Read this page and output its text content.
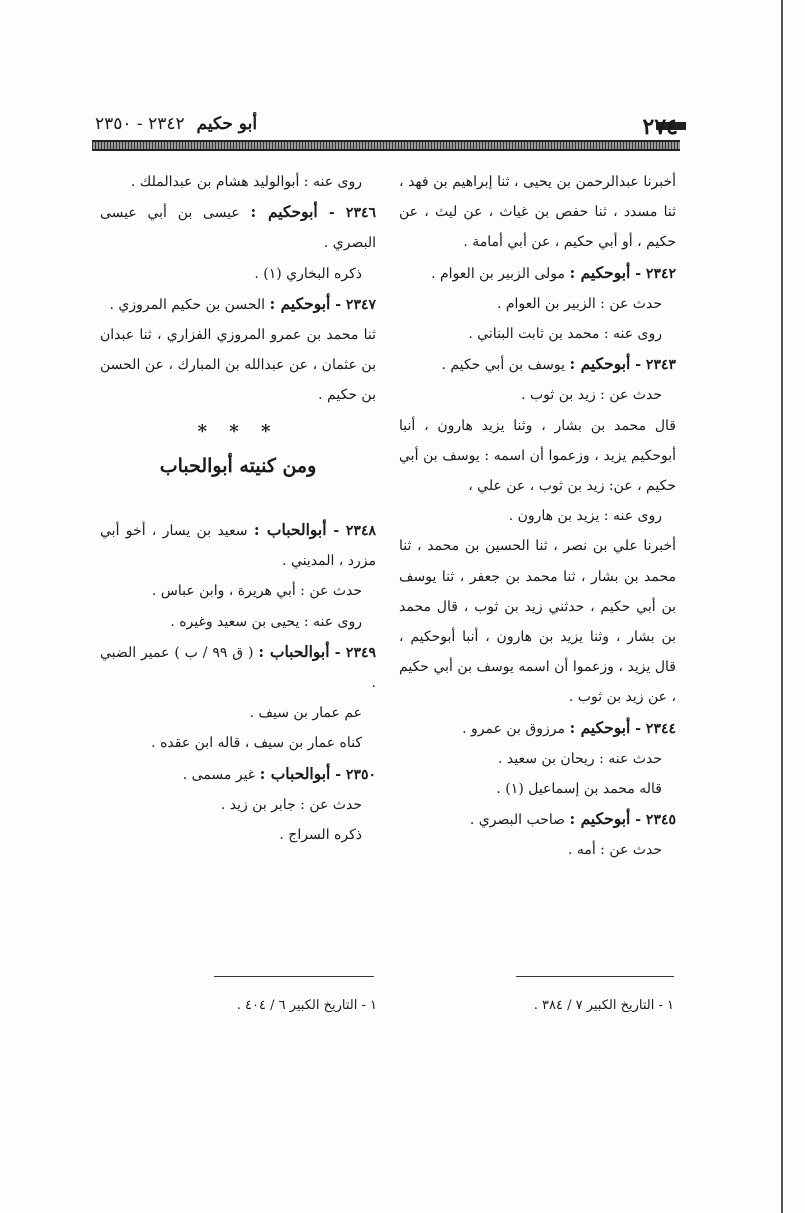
٢٧٤
أبو حكيم ٢٣٤٢ - ٢٣٥٠

أخبرنا عبدالرحمن بن يحيى ، ثنا إبراهيم بن فهد ، ثنا مسدد ، ثنا حفص بن غياث ، عن ليث ، عن حكيم ، أو أبي حكيم ، عن أبي أمامة .

٢٣٤٢ - أبوحكيم : مولى الزبير بن العوام .

حدث عن : الزبير بن العوام .

روى عنه : محمد بن ثابت البناني .

٢٣٤٣ - أبوحكيم : يوسف بن أبي حكيم .

حدث عن : زيد بن ثوب .

قال محمد بن بشار ، وثنا يزيد هارون ، أنبا أبوحكيم يزيد ، وزعموا أن اسمه : يوسف بن أبي حكيم ، عن: زيد بن ثوب ، عن علي ،

روى عنه : يزيد بن هارون .

أخبرنا علي بن نصر ، ثنا الحسين بن محمد ، ثنا محمد بن بشار ، ثنا محمد بن جعفر ، ثنا يوسف بن أبي حكيم ، حدثني زيد بن ثوب ، قال محمد بن بشار ، وثنا يزيد بن هارون ، أنبا أبوحكيم ، قال يزيد ، وزعموا أن اسمه يوسف بن أبي حكيم ، عن زيد بن ثوب .

٢٣٤٤ - أبوحكيم : مرزوق بن عمرو .

حدث عنه : ريحان بن سعيد .

قاله محمد بن إسماعيل (١) .

٢٣٤٥ - أبوحكيم : صاحب البصري .

حدث عن : أمه .

روى عنه : أبوالوليد هشام بن عبدالملك .

٢٣٤٦ - أبوحكيم : عيسى بن أبي عيسى البصري .

ذكره البخاري (١) .

٢٣٤٧ - أبوحكيم : الحسن بن حكيم المروزي .

ثنا محمد بن عمرو المروزي الفزاري ، ثنا عبدان بن عثمان ، عن عبدالله بن المبارك ، عن الحسن بن حكيم .

* * *
ومن كنيته أبوالحباب

٢٣٤٨ - أبوالحباب : سعيد بن يسار ، أخو أبي مزرد ، المديني .

حدث عن : أبي هريرة ، وابن عباس .

روى عنه : يحيى بن سعيد وغيره .

٢٣٤٩ - أبوالحباب : ( ق ٩٩ / ب ) عمير الضبي .

عم عمار بن سيف .

كناه عمار بن سيف ، قاله ابن عقده .

٢٣٥٠ - أبوالحباب : غير مسمى .

حدث عن : جابر بن زيد .

ذكره السراج .

١ - التاريخ الكبير ٧ / ٣٨٤ .
١ - التاريخ الكبير ٦ / ٤٠٤ .
